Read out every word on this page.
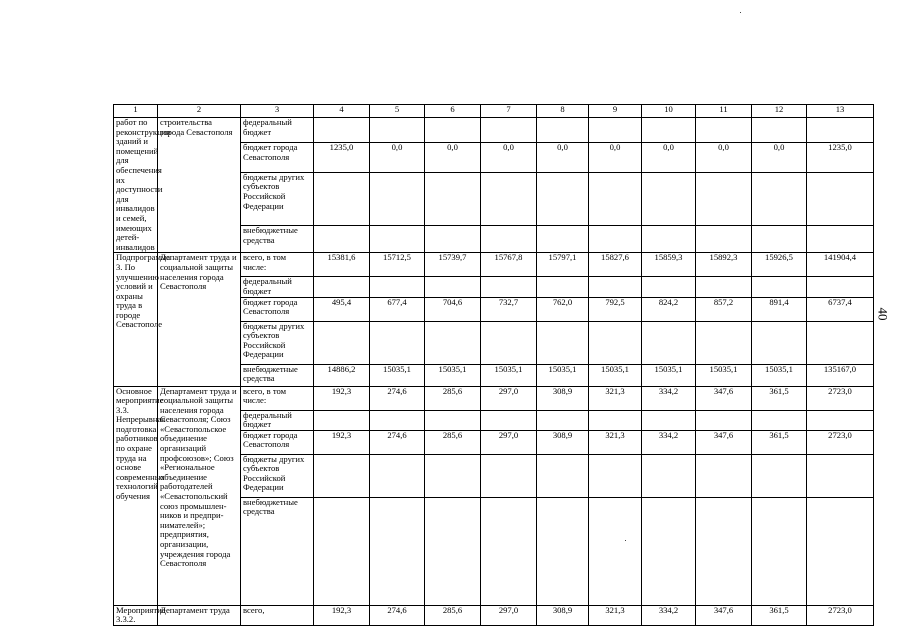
1	2	3	4	5	6	7	8	9	10	11	12	13
работ по реконструкции зданий и помещений для обеспечения их доступности для инвалидов и семей, имеющих детей-инвалидов	строительства города Севастополя	федеральный бюджет										
		бюджет города Севастополя	1235,0	0,0	0,0	0,0	0,0	0,0	0,0	0,0	0,0	1235,0
		бюджеты других субъектов Российской Федерации										
		внебюджетные средства										
Подпрограмма 3. По улучшению условий и охраны труда в городе Севастополе	Департамент труда и социальной защиты населения города Севастополя	всего, в том числе:	15381,6	15712,5	15739,7	15767,8	15797,1	15827,6	15859,3	15892,3	15926,5	141904,4
		федеральный бюджет										
		бюджет города Севастополя	495,4	677,4	704,6	732,7	762,0	792,5	824,2	857,2	891,4	6737,4
		бюджеты других субъектов Российской Федерации										
		внебюджетные средства	14886,2	15035,1	15035,1	15035,1	15035,1	15035,1	15035,1	15035,1	15035,1	135167,0
Основное мероприятие 3.3. Непрерывная подготовка работников по охране труда на основе современных технологий обучения	Департамент труда и социальной защиты населения города Севастополя; Союз «Севастопольское объединение организаций профсоюзов»; Союз «Региональное объединение работодателей «Севастопольский союз промышлен-ников и предпри-нимателей»; предприятия, организации, учреждения города Севастополя	всего, в том числе:	192,3	274,6	285,6	297,0	308,9	321,3	334,2	347,6	361,5	2723,0
		федеральный бюджет										
		бюджет города Севастополя	192,3	274,6	285,6	297,0	308,9	321,3	334,2	347,6	361,5	2723,0
		бюджеты других субъектов Российской Федерации										
		внебюджетные средства										
Мероприятие 3.3.2.	Департамент труда	всего,	192,3	274,6	285,6	297,0	308,9	321,3	334,2	347,6	361,5	2723,0
40
